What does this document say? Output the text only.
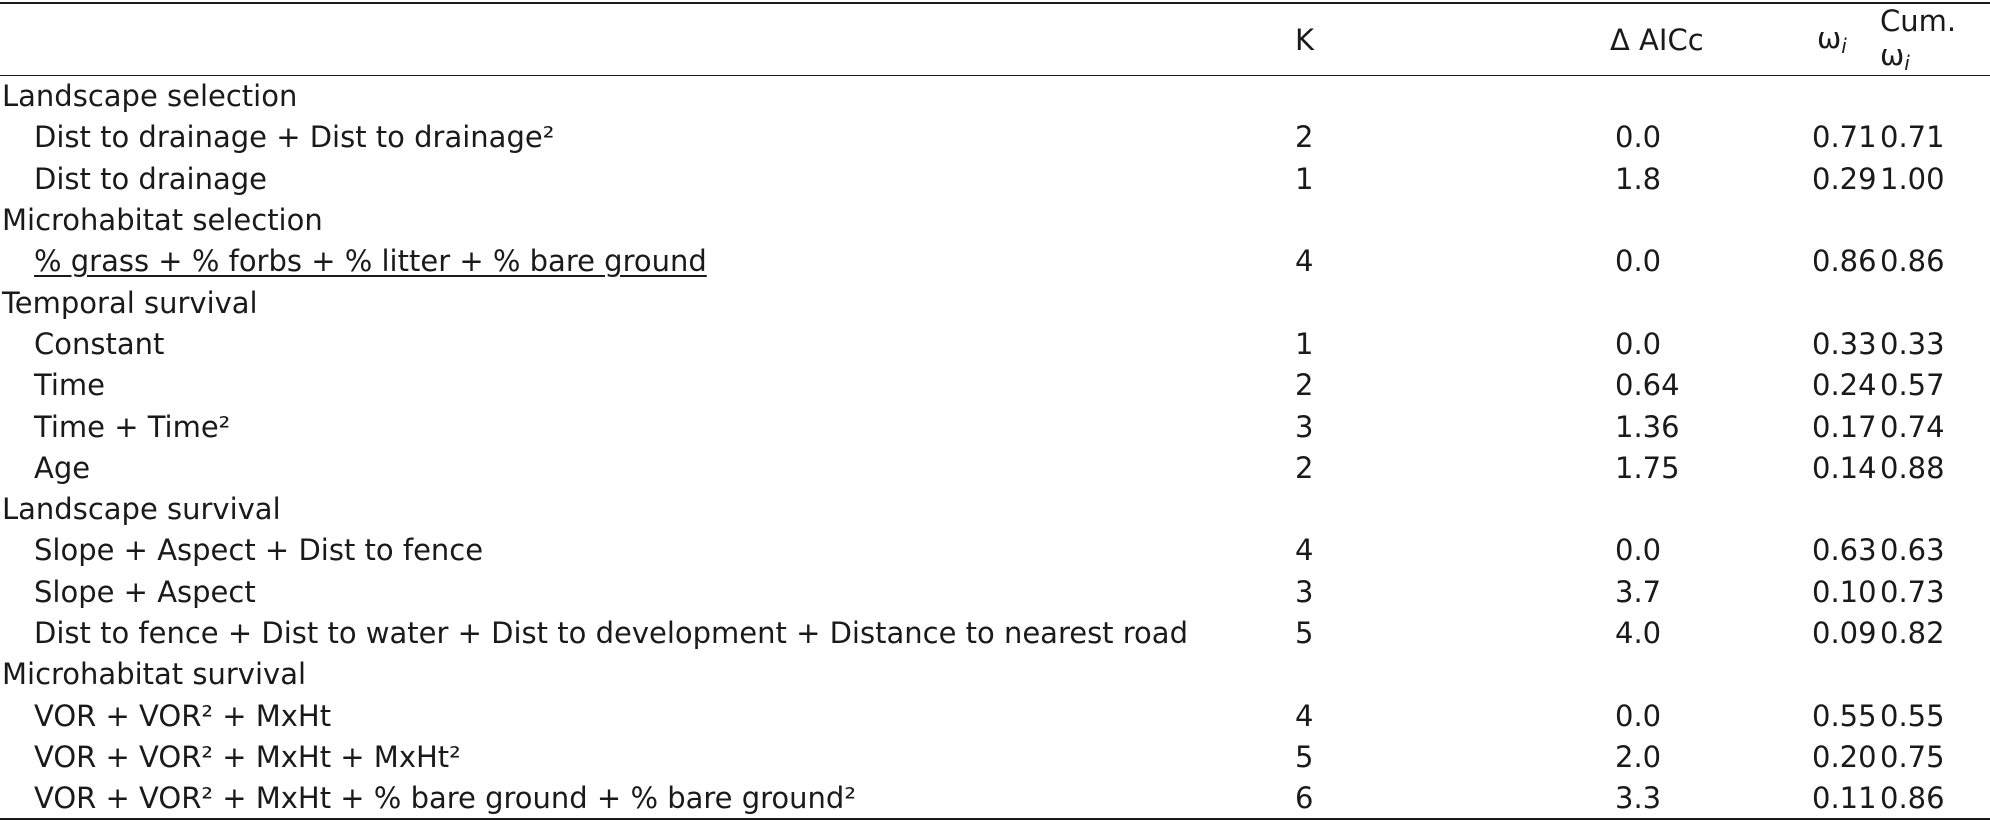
	K	Δ AICc	ωi	Cum. ωi
Landscape selection				
Dist to drainage + Dist to drainage²	2	0.0	0.71	0.71
Dist to drainage	1	1.8	0.29	1.00
Microhabitat selection				
% grass + % forbs + % litter + % bare ground	4	0.0	0.86	0.86
Temporal survival				
Constant	1	0.0	0.33	0.33
Time	2	0.64	0.24	0.57
Time + Time²	3	1.36	0.17	0.74
Age	2	1.75	0.14	0.88
Landscape survival				
Slope + Aspect + Dist to fence	4	0.0	0.63	0.63
Slope + Aspect	3	3.7	0.10	0.73
Dist to fence + Dist to water + Dist to development + Distance to nearest road	5	4.0	0.09	0.82
Microhabitat survival				
VOR + VOR² + MxHt	4	0.0	0.55	0.55
VOR + VOR² + MxHt + MxHt²	5	2.0	0.20	0.75
VOR + VOR² + MxHt + % bare ground + % bare ground²	6	3.3	0.11	0.86
